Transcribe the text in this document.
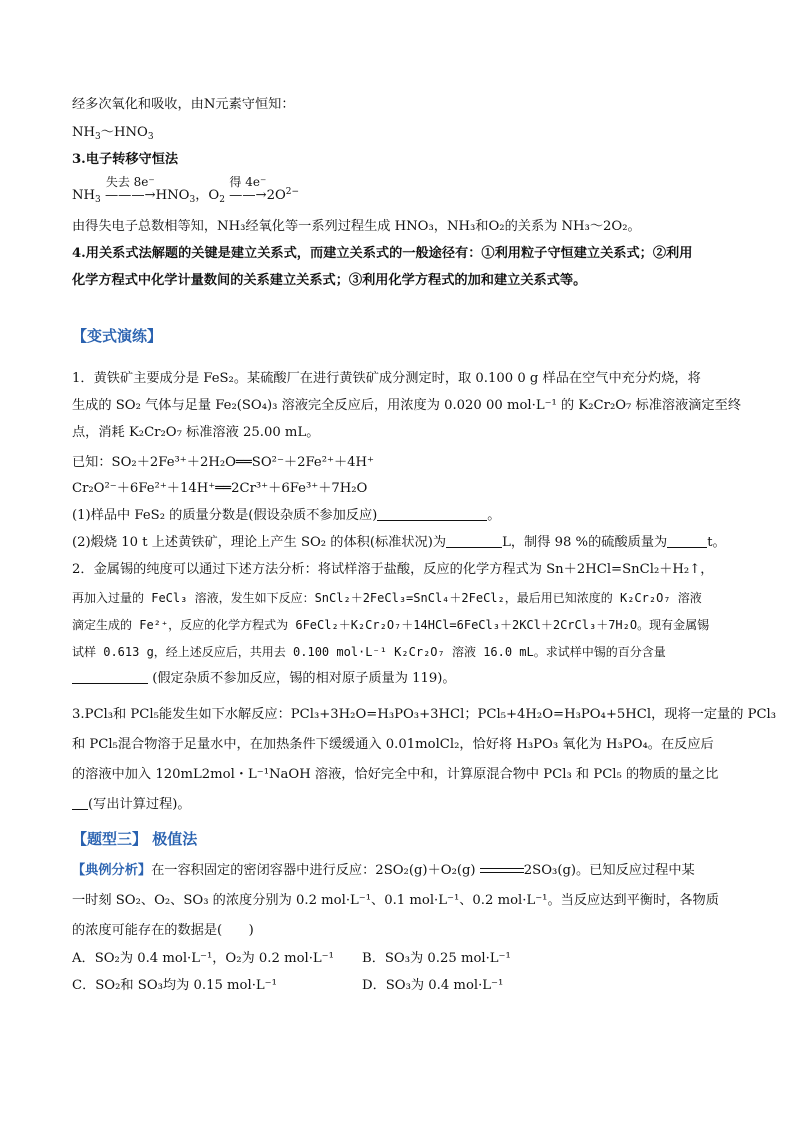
经多次氧化和吸收，由N元素守恒知：
$NH_3\sim HNO_3$
3.电子转移守恒法
$NH_3$
失去 8e⁻
$———\to HNO_3$，$O_2$
得 4e⁻
$——\to 2O^{2-}$
由得失电子总数相等知，NH₃经氧化等一系列过程生成 HNO₃，NH₃和O₂的关系为 NH₃～2O₂。
4.用关系式法解题的关键是建立关系式，而建立关系式的一般途径有：①利用粒子守恒建立关系式；②利用
化学方程式中化学计量数间的关系建立关系式；③利用化学方程式的加和建立关系式等。
【变式演练】
1．黄铁矿主要成分是 FeS₂。某硫酸厂在进行黄铁矿成分测定时，取 0.100 0 g 样品在空气中充分灼烧，将
生成的 SO₂ 气体与足量 Fe₂(SO₄)₃ 溶液完全反应后，用浓度为 0.020 00 mol·L⁻¹ 的 K₂Cr₂O₇ 标准溶液滴定至终
点，消耗 K₂Cr₂O₇ 标准溶液 25.00 mL。
已知：SO₂＋2Fe³⁺＋2H₂O══SO²⁻＋2Fe²⁺＋4H⁺
Cr₂O²⁻＋6Fe²⁺＋14H⁺══2Cr³⁺＋6Fe³⁺＋7H₂O
(1)样品中 FeS₂ 的质量分数是(假设杂质不参加反应)	。
(2)煅烧 10 t 上述黄铁矿，理论上产生 SO₂ 的体积(标准状况)为	L，制得 98 %的硫酸质量为	t。
2．金属锡的纯度可以通过下述方法分析：将试样溶于盐酸，反应的化学方程式为 Sn＋2HCl=SnCl₂＋H₂↑，
再加入过量的 FeCl₃ 溶液，发生如下反应：SnCl₂＋2FeCl₃=SnCl₄＋2FeCl₂，最后用已知浓度的 K₂Cr₂O₇ 溶液
滴定生成的 Fe²⁺，反应的化学方程式为 6FeCl₂＋K₂Cr₂O₇＋14HCl=6FeCl₃＋2KCl＋2CrCl₃＋7H₂O。现有金属锡
试样 0.613 g，经上述反应后，共用去 0.100 mol·L⁻¹ K₂Cr₂O₇ 溶液 16.0 mL。求试样中锡的百分含量
(假定杂质不参加反应，锡的相对原子质量为 119)。
3.PCl₃和 PCl₅能发生如下水解反应：PCl₃+3H₂O=H₃PO₃+3HCl；PCl₅+4H₂O=H₃PO₄+5HCl，现将一定量的 PCl₃
和 PCl₅混合物溶于足量水中，在加热条件下缓缓通入 0.01molCl₂，恰好将 H₃PO₃ 氧化为 H₃PO₄。在反应后
的溶液中加入 120mL2mol・L⁻¹NaOH 溶液，恰好完全中和，计算原混合物中 PCl₃ 和 PCl₅ 的物质的量之比
(写出计算过程)。
【题型三】 极值法
【典例分析】在一容积固定的密闭容器中进行反应：2SO₂(g)＋O₂(g)	2SO₃(g)。已知反应过程中某
一时刻 SO₂、O₂、SO₃ 的浓度分别为 0.2 mol·L⁻¹、0.1 mol·L⁻¹、0.2 mol·L⁻¹。当反应达到平衡时，各物质
的浓度可能存在的数据是(　　)
A．SO₂为 0.4 mol·L⁻¹，O₂为 0.2 mol·L⁻¹ B．SO₃为 0.25 mol·L⁻¹
C．SO₂和 SO₃均为 0.15 mol·L⁻¹	D．SO₃为 0.4 mol·L⁻¹
